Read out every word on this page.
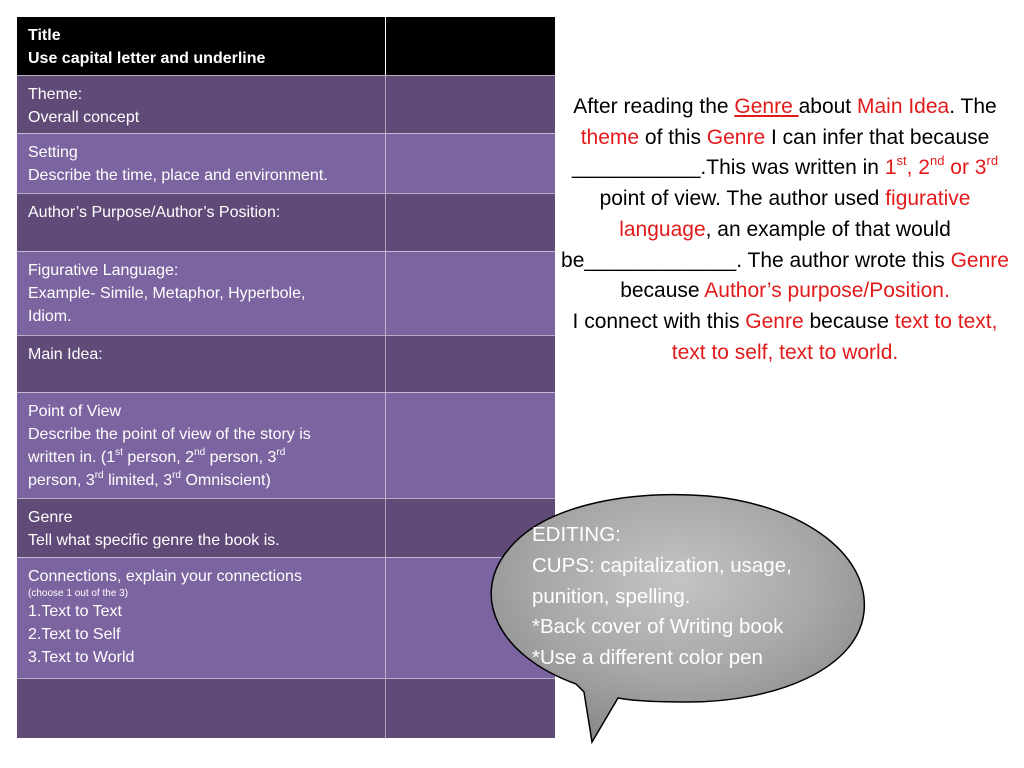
Title
Use capital letter and underline
Theme:
Overall concept
Setting
Describe the time, place and environment.
Author’s Purpose/Author’s Position:
Figurative Language:
Example- Simile, Metaphor, Hyperbole,
Idiom.
Main Idea:
Point of View
Describe the point of view of the story is
written in. (1st person, 2nd person, 3rd
person, 3rd limited, 3rd Omniscient)
Genre
Tell what specific genre the book is.
Connections, explain your connections
(choose 1 out of the 3)
1.Text to Text
2.Text to Self
3.Text to World
After reading the Genre about Main Idea. The theme of this Genre I can infer that because ___________.This was written in 1st, 2nd or 3rd point of view. The author used figurative language, an example of that would be_____________. The author wrote this Genre because Author’s purpose/Position.
I connect with this Genre because text to text, text to self, text to world.
EDITING:
CUPS: capitalization, usage, punition, spelling.
*Back cover of Writing book
*Use a different color pen
